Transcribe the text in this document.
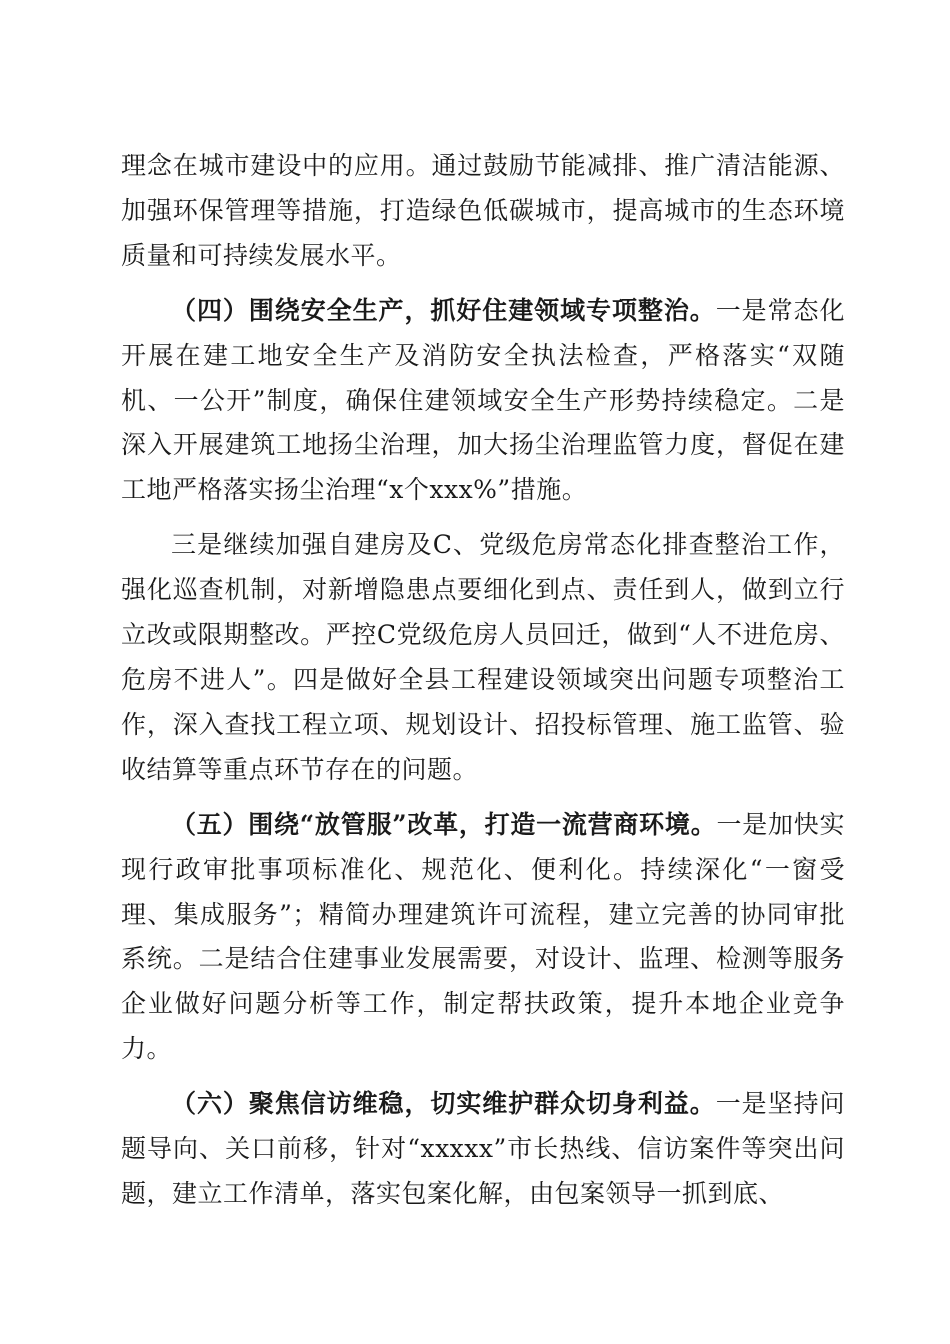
理念在城市建设中的应用。通过鼓励节能减排、推广清洁能源、加强环保管理等措施，打造绿色低碳城市，提高城市的生态环境质量和可持续发展水平。

（四）围绕安全生产，抓好住建领域专项整治。一是常态化开展在建工地安全生产及消防安全执法检查，严格落实“双随机、一公开”制度，确保住建领域安全生产形势持续稳定。二是深入开展建筑工地扬尘治理，加大扬尘治理监管力度，督促在建工地严格落实扬尘治理“x个xxx%”措施。

三是继续加强自建房及C、党级危房常态化排查整治工作，强化巡查机制，对新增隐患点要细化到点、责任到人，做到立行立改或限期整改。严控C党级危房人员回迁，做到“人不进危房、危房不进人”。四是做好全县工程建设领域突出问题专项整治工作，深入查找工程立项、规划设计、招投标管理、施工监管、验收结算等重点环节存在的问题。

（五）围绕“放管服”改革，打造一流营商环境。一是加快实现行政审批事项标准化、规范化、便利化。持续深化“一窗受理、集成服务”；精简办理建筑许可流程，建立完善的协同审批系统。二是结合住建事业发展需要，对设计、监理、检测等服务企业做好问题分析等工作，制定帮扶政策，提升本地企业竞争力。

（六）聚焦信访维稳，切实维护群众切身利益。一是坚持问题导向、关口前移，针对“xxxxx”市长热线、信访案件等突出问题，建立工作清单，落实包案化解，由包案领导一抓到底、
